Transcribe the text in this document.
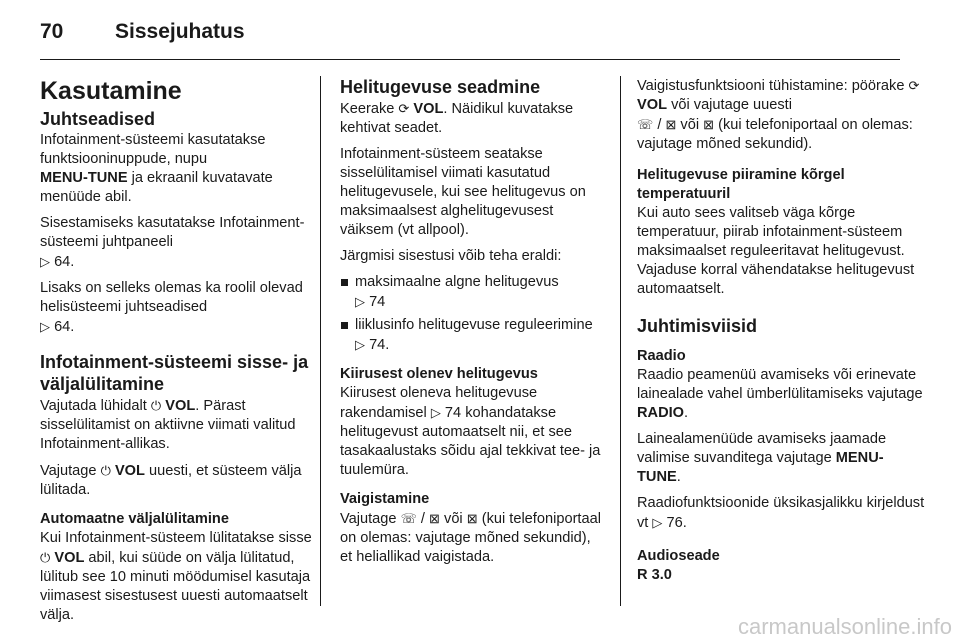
70 Sissejuhatus
Kasutamine
Juhtseadised

Infotainment-süsteemi kasutatakse funktsiooninuppude, nupu
MENU-TUNE ja ekraanil kuvatavate menüüde abil.

Sisestamiseks kasutatakse Infotainment-süsteemi juhtpaneeli
▷ 64.

Lisaks on selleks olemas ka roolil olevad helisüsteemi juhtseadised
▷ 64.

Infotainment-süsteemi sisse- ja väljalülitamine

Vajutada lühidalt ⏻ VOL. Pärast sisselülitamist on aktiivne viimati valitud Infotainment-allikas.

Vajutage ⏻ VOL uuesti, et süsteem välja lülitada.

Automaatne väljalülitamine

Kui Infotainment-süsteem lülitatakse sisse ⏻ VOL abil, kui süüde on välja lülitatud, lülitub see 10 minuti möödumisel kasutaja viimasest sisestusest uuesti automaatselt välja.

Helitugevuse seadmine

Keerake ⟳ VOL. Näidikul kuvatakse kehtivat seadet.

Infotainment-süsteem seatakse sisselülitamisel viimati kasutatud helitugevusele, kui see helitugevus on maksimaalsest alghelitugevusest väiksem (vt allpool).

Järgmisi sisestusi võib teha eraldi:

maksimaalne algne helitugevus
▷ 74
liiklusinfo helitugevuse reguleerimine ▷ 74.
Kiirusest olenev helitugevus

Kiirusest oleneva helitugevuse rakendamisel ▷ 74 kohandatakse helitugevust automaatselt nii, et see tasakaalustaks sõidu ajal tekkivat tee- ja tuulemüra.

Vaigistamine

Vajutage ☏ / ⊠ või ⊠ (kui telefoniportaal on olemas: vajutage mõned sekundid), et heliallikad vaigistada.

Vaigistusfunktsiooni tühistamine: pöörake ⟳ VOL või vajutage uuesti
☏ / ⊠ või ⊠ (kui telefoniportaal on olemas: vajutage mõned sekundid).

Helitugevuse piiramine kõrgel temperatuuril

Kui auto sees valitseb väga kõrge temperatuur, piirab infotainment-süsteem maksimaalset reguleeritavat helitugevust. Vajaduse korral vähendatakse helitugevust automaatselt.

Juhtimisviisid
Raadio

Raadio peamenüü avamiseks või erinevate lainealade vahel ümberlülitamiseks vajutage RADIO.

Lainealamenüüde avamiseks jaamade valimise suvanditega vajutage MENU-TUNE.

Raadiofunktsioonide üksikasjalikku kirjeldust vt ▷ 76.

Audioseade
R 3.0
carmanualsonline.info
